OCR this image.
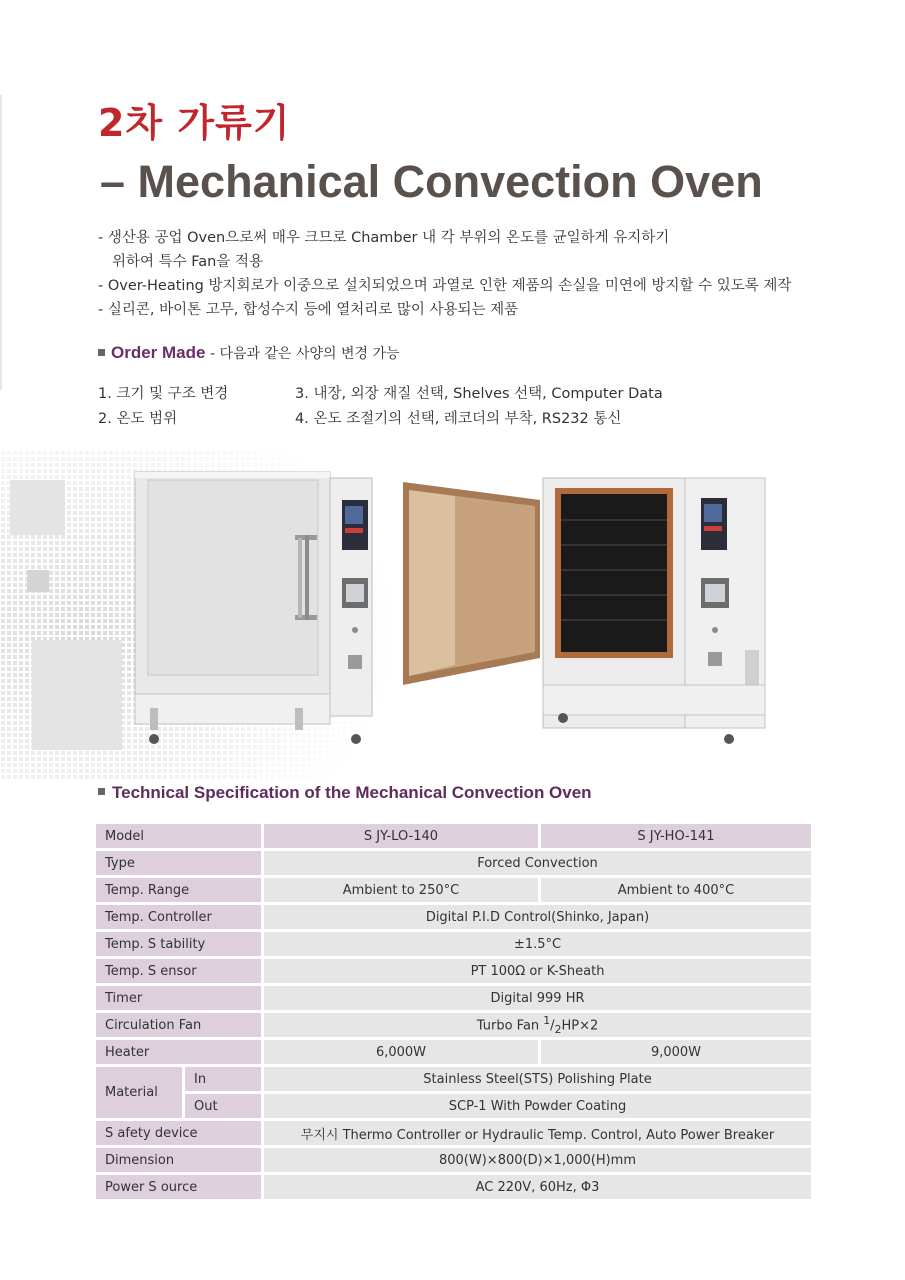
2차 가류기
– Mechanical Convection Oven
- 생산용 공업 Oven으로써 매우 크므로 Chamber 내 각 부위의 온도를 균일하게 유지하기
위하여 특수 Fan을 적용
- Over-Heating 방지회로가 이중으로 설치되었으며 과열로 인한 제품의 손실을 미연에 방지할 수 있도록 제작
- 실리콘, 바이톤 고무, 합성수지 등에 열처리로 많이 사용되는 제품
Order Made - 다음과 같은 사양의 변경 가능
1. 크기 및 구조 변경	3. 내장, 외장 재질 선택, Shelves 선택, Computer Data
2. 온도 범위	4. 온도 조절기의 선택, 레코더의 부착, RS232 통신
Technical Specification of the Mechanical Convection Oven
Model		S JY-LO-140	S JY-HO-141
Type		Forced Convection	
Temp. Range		Ambient to 250°C	Ambient to 400°C
Temp. Controller		Digital P.I.D Control(Shinko, Japan)	
Temp. S tability		±1.5°C	
Temp. S ensor		PT 100Ω or K-Sheath	
Timer		Digital 999 HR	
Circulation Fan		Turbo Fan $^1/_2HP\times 2$	
Heater		6,000W	9,000W
Material	In	Stainless Steel(STS) Polishing Plate	
	Out	SCP-1 With Powder Coating	
S afety device		무지시 Thermo Controller or Hydraulic Temp. Control, Auto Power Breaker	
Dimension		800(W)×800(D)×1,000(H)mm	
Power S ource		AC 220V, 60Hz, Φ3	
